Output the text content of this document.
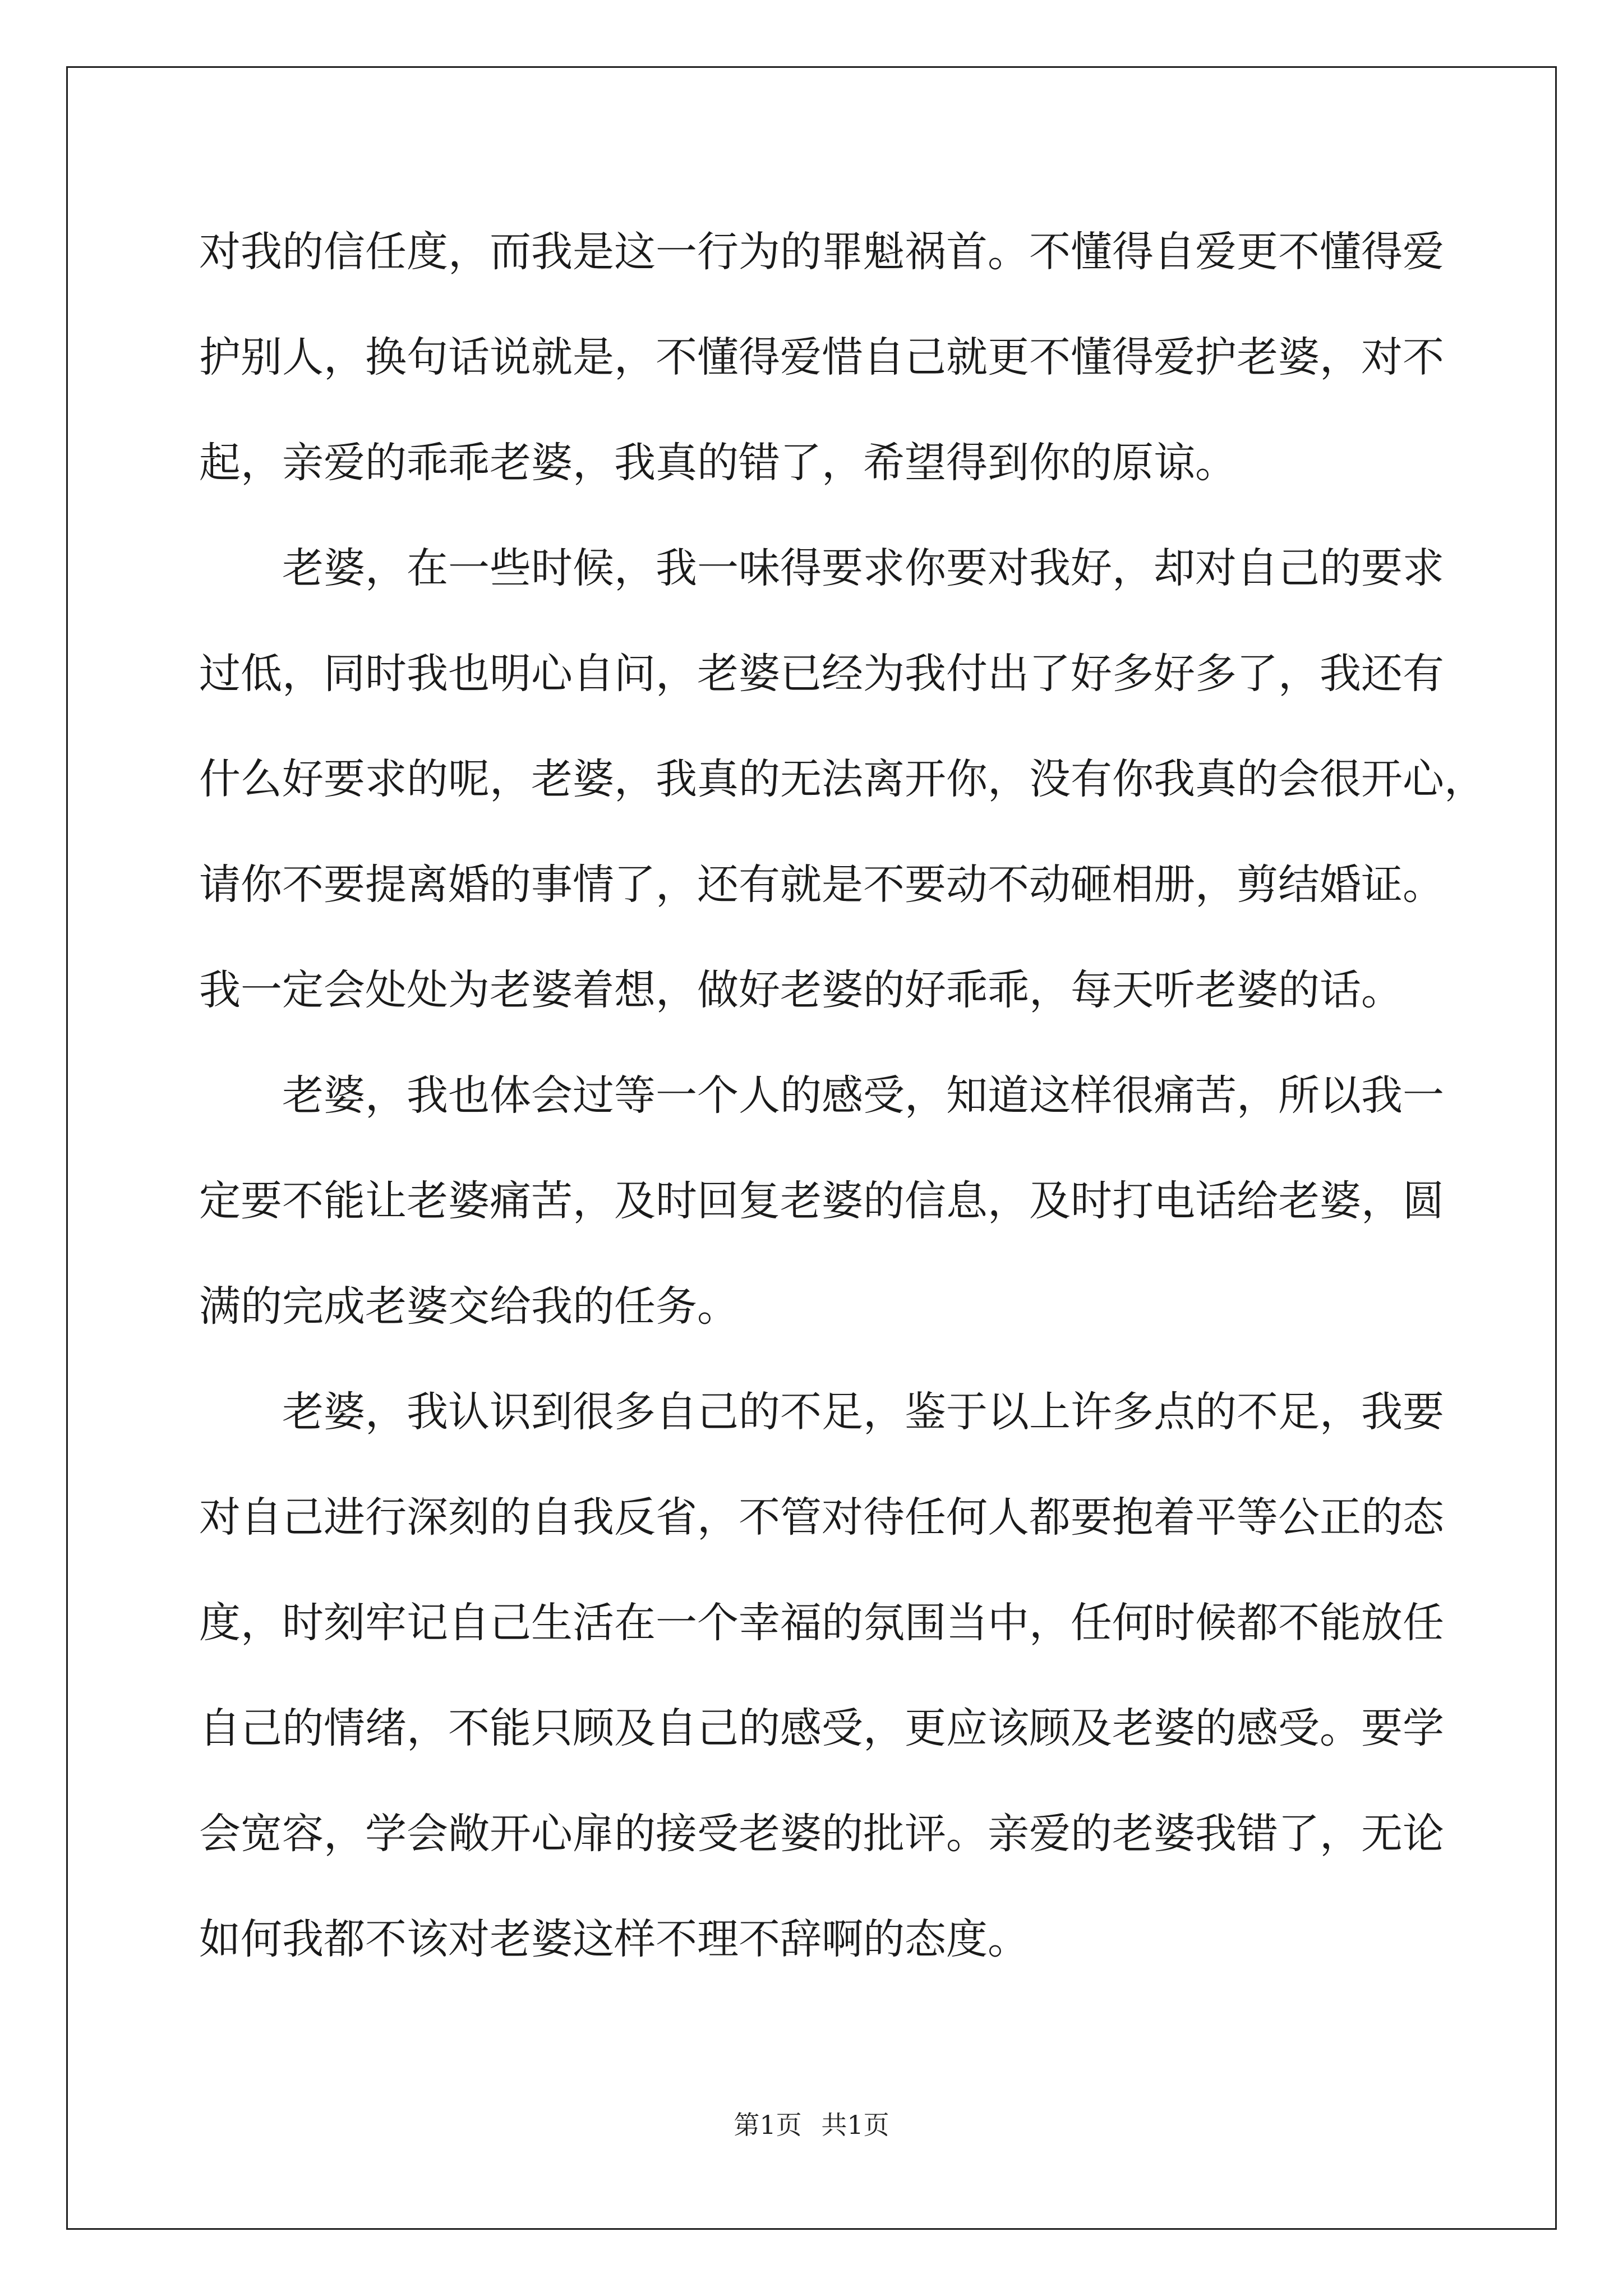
对我的信任度，而我是这一行为的罪魁祸首。不懂得自爱更不懂得爱
护别人，换句话说就是，不懂得爱惜自己就更不懂得爱护老婆，对不
起，亲爱的乖乖老婆，我真的错了，希望得到你的原谅。
老婆，在一些时候，我一味得要求你要对我好，却对自己的要求
过低，同时我也明心自问，老婆已经为我付出了好多好多了，我还有
什么好要求的呢，老婆，我真的无法离开你，没有你我真的会很开心，
请你不要提离婚的事情了，还有就是不要动不动砸相册，剪结婚证。
我一定会处处为老婆着想，做好老婆的好乖乖，每天听老婆的话。
老婆，我也体会过等一个人的感受，知道这样很痛苦，所以我一
定要不能让老婆痛苦，及时回复老婆的信息，及时打电话给老婆，圆
满的完成老婆交给我的任务。
老婆，我认识到很多自己的不足，鉴于以上许多点的不足，我要
对自己进行深刻的自我反省，不管对待任何人都要抱着平等公正的态
度，时刻牢记自己生活在一个幸福的氛围当中，任何时候都不能放任
自己的情绪，不能只顾及自己的感受，更应该顾及老婆的感受。要学
会宽容，学会敞开心扉的接受老婆的批评。亲爱的老婆我错了，无论
如何我都不该对老婆这样不理不辞啊的态度。
第1页 共1页
